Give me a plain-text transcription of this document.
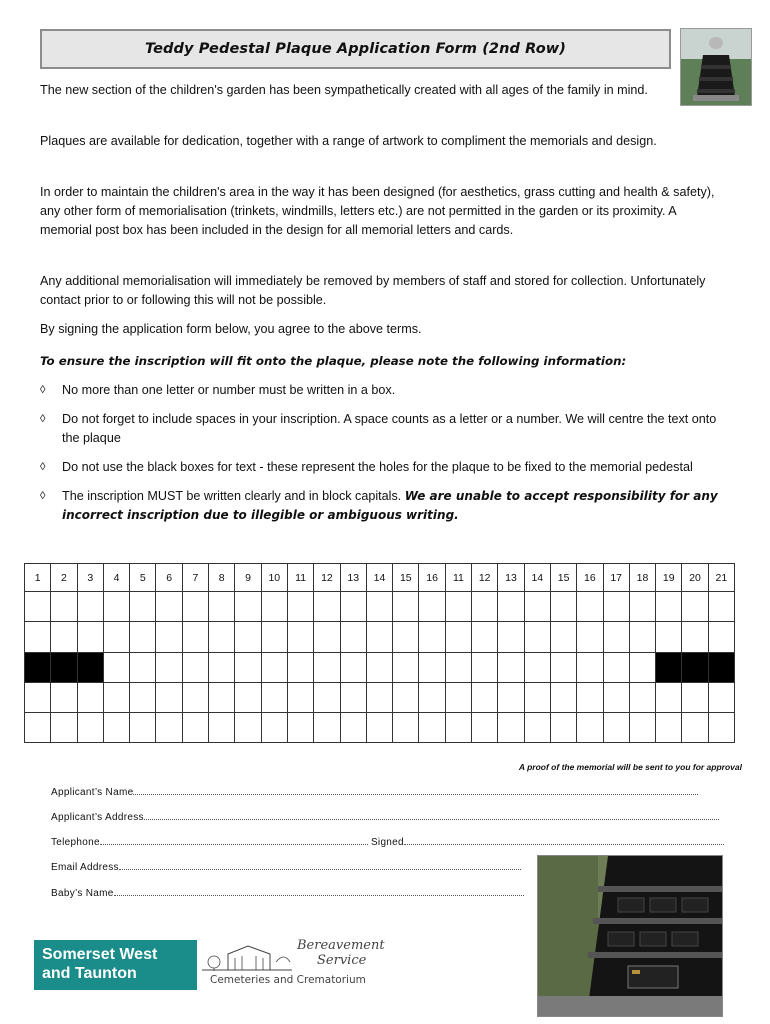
Teddy Pedestal Plaque Application Form (2nd Row)
The new section of the children's garden has been sympathetically created with all ages of the family in mind.
Plaques are available for dedication, together with a range of artwork to compliment the memorials and design.
In order to maintain the children's area in the way it has been designed (for aesthetics, grass cutting and health & safety), any other form of memorialisation (trinkets, windmills, letters etc.) are not permitted in the garden or its proximity. A memorial post box has been included in the design for all memorial letters and cards.
Any additional memorialisation will immediately be removed by members of staff and stored for collection. Unfortunately contact prior to or following this will not be possible.
By signing the application form below, you agree to the above terms.
To ensure the inscription will fit onto the plaque, please note the following information:
◊	No more than one letter or number must be written in a box.
◊	Do not forget to include spaces in your inscription. A space counts as a letter or a number. We will centre the text onto the plaque
◊	Do not use the black boxes for text - these represent the holes for the plaque to be fixed to the memorial pedestal
◊	The inscription MUST be written clearly and in block capitals. We are unable to accept responsibility for any incorrect inscription due to illegible or ambiguous writing.
1	2	3	4	5	6	7	8	9	10	11	12	13	14	15	16	11	12	13	14	15	16	17	18	19	20	21

A proof of the memorial will be sent to you for approval
Applicant’s Name
Applicant’s Address
Telephone	Signed
Email Address
Baby’s Name
Somerset West
and Taunton
Bereavement
Service
Cemeteries and Crematorium
